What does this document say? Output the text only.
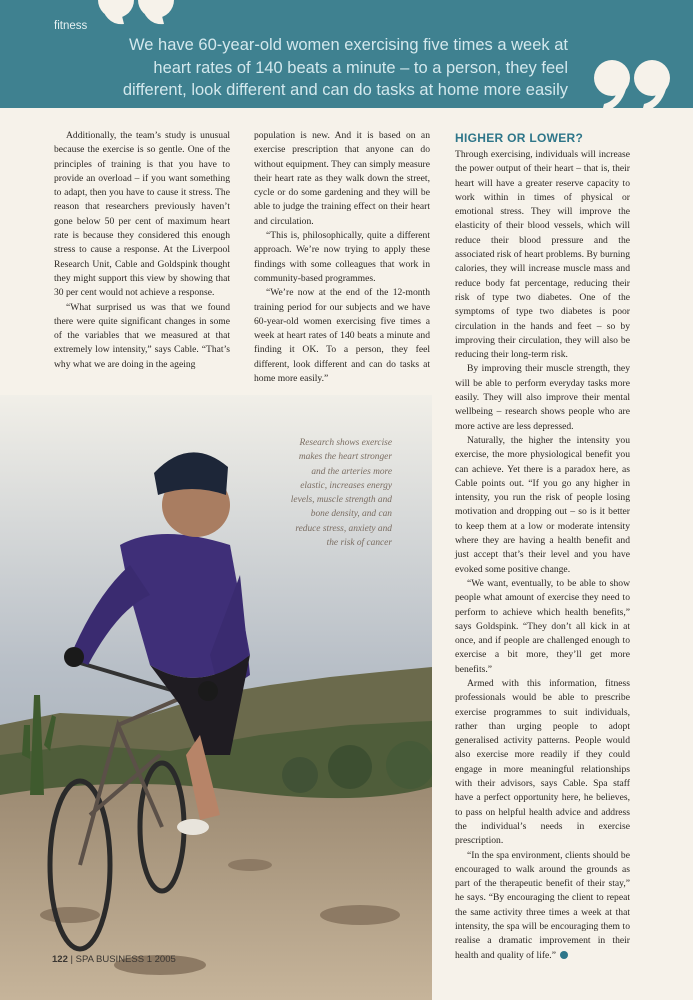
fitness
We have 60-year-old women exercising five times a week at
heart rates of 140 beats a minute – to a person, they feel
different, look different and can do tasks at home more easily
Research shows exercise makes the heart stronger and the arteries more elastic, increases energy levels, muscle strength and bone density, and can reduce stress, anxiety and the risk of cancer

Additionally, the team’s study is unusual because the exercise is so gentle. One of the principles of training is that you have to provide an overload – if you want something to adapt, then you have to cause it stress. The reason that researchers previously haven’t gone below 50 per cent of maximum heart rate is because they considered this enough stress to cause a response. At the Liverpool Research Unit, Cable and Goldspink thought they might support this view by showing that 30 per cent would not achieve a response.

“What surprised us was that we found there were quite significant changes in some of the variables that we measured at that extremely low intensity,” says Cable. “That’s why what we are doing in the ageing

population is new. And it is based on an exercise prescription that anyone can do without equipment. They can simply measure their heart rate as they walk down the street, cycle or do some gardening and they will be able to judge the training effect on their heart and circulation.

“This is, philosophically, quite a different approach. We’re now trying to apply these findings with some colleagues that work in community-based programmes.

“We’re now at the end of the 12-month training period for our subjects and we have 60-year-old women exercising five times a week at heart rates of 140 beats a minute and finding it OK. To a person, they feel different, look different and can do tasks at home more easily.”

HIGHER OR LOWER?

Through exercising, individuals will increase the power output of their heart – that is, their heart will have a greater reserve capacity to work within in times of physical or emotional stress. They will improve the elasticity of their blood vessels, which will reduce their blood pressure and the associated risk of heart problems. By burning calories, they will increase muscle mass and reduce body fat percentage, reducing their risk of type two diabetes. One of the symptoms of type two diabetes is poor circulation in the hands and feet – so by improving their circulation, they will also be reducing their long-term risk.

By improving their muscle strength, they will be able to perform everyday tasks more easily. They will also improve their mental wellbeing – research shows people who are more active are less depressed.

Naturally, the higher the intensity you exercise, the more physiological benefit you can achieve. Yet there is a paradox here, as Cable points out. “If you go any higher in intensity, you run the risk of people losing motivation and dropping out – so is it better to keep them at a low or moderate intensity where they are having a health benefit and just accept that’s their level and you have evoked some positive change.

“We want, eventually, to be able to show people what amount of exercise they need to perform to achieve which health benefits,” says Goldspink. “They don’t all kick in at once, and if people are challenged enough to exercise a bit more, they’ll get more benefits.”

Armed with this information, fitness professionals would be able to prescribe exercise programmes to suit individuals, rather than urging people to adopt generalised activity patterns. People would also exercise more readily if they could engage in more meaningful relationships with their advisors, says Cable. Spa staff have a perfect opportunity here, he believes, to pass on helpful health advice and address the individual’s needs in exercise prescription.

“In the spa environment, clients should be encouraged to walk around the grounds as part of the therapeutic benefit of their stay,” he says. “By encouraging the client to repeat the same activity three times a week at that intensity, the spa will be encouraging them to realise a dramatic improvement in their health and quality of life.”

122 | SPA BUSINESS 1 2005
